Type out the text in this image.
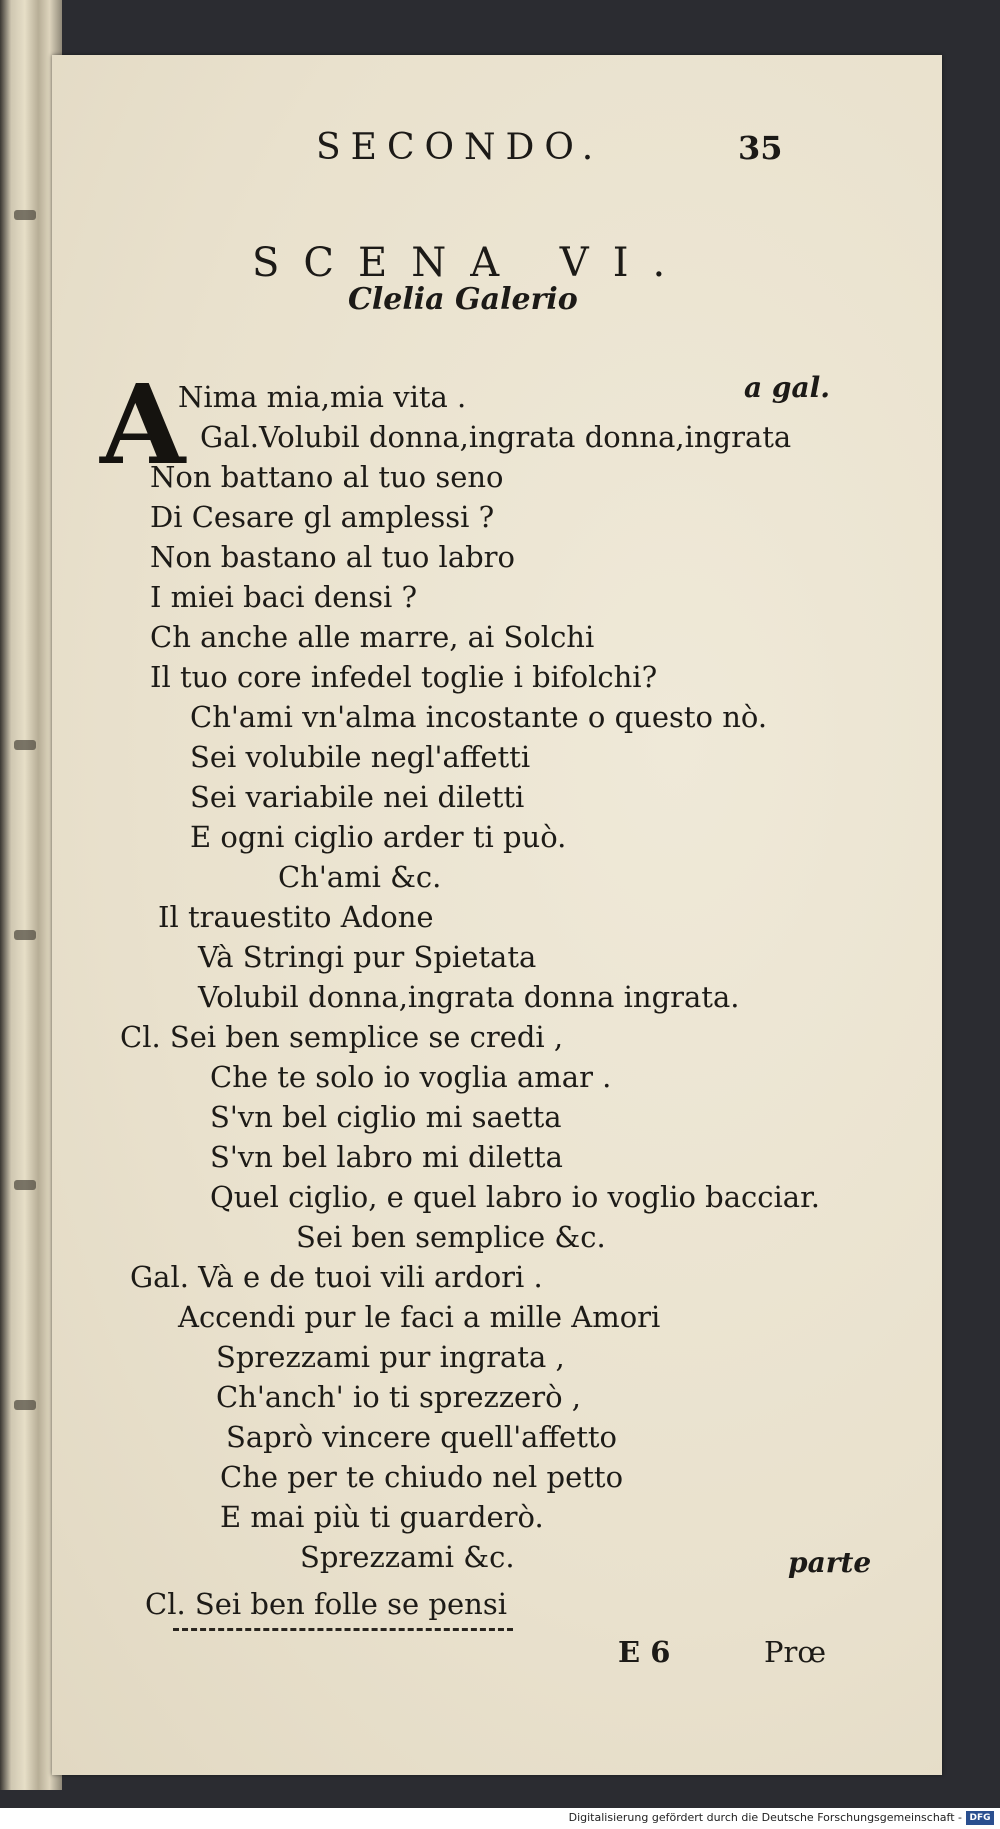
SECONDO.	35
SCENA VI.
Clelia Galerio
A
Nima mia,mia vita .
Gal.Volubil donna,ingrata donna,ingrata
Non battano al tuo seno
Di Cesare gl amplessi ?
Non bastano al tuo labro
I miei baci densi ?
Ch anche alle marre, ai Solchi
Il tuo core infedel toglie i bifolchi?
Ch'ami vn'alma incostante o questo nò.
Sei volubile negl'affetti
Sei variabile nei diletti
E ogni ciglio arder ti può.
Ch'ami &c.
Il trauestito Adone
Và Stringi pur Spietata
Volubil donna,ingrata donna ingrata.
Cl. Sei ben semplice se credi ,
Che te solo io voglia amar .
S'vn bel ciglio mi saetta
S'vn bel labro mi diletta
Quel ciglio, e quel labro io voglio bacciar.
Sei ben semplice &c.
Gal. Và e de tuoi vili ardori .
Accendi pur le faci a mille Amori
Sprezzami pur ingrata ,
Ch'anch' io ti sprezzerò ,
Saprò vincere quell'affetto
Che per te chiudo nel petto
E mai più ti guarderò.
Sprezzami &c.
Cl. Sei ben folle se pensi
a gal.
parte
E 6	Prœ
Digitalisierung gefördert durch die Deutsche Forschungsgemeinschaft - DFG
